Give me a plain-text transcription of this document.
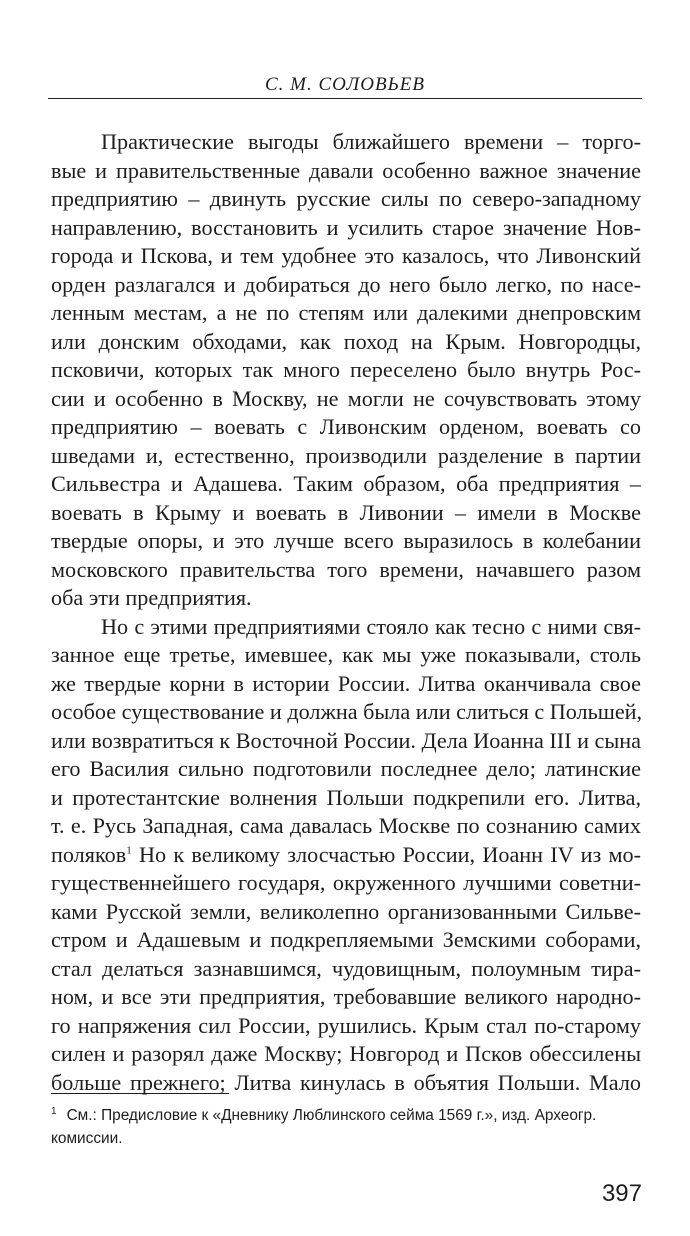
С. М. СОЛОВЬЕВ

Практические выгоды ближайшего времени – торго-
вые и правительственные давали особенно важное значение
предприятию – двинуть русские силы по северо-западному
направлению, восстановить и усилить старое значение Нов-
города и Пскова, и тем удобнее это казалось, что Ливонский
орден разлагался и добираться до него было легко, по насе-
ленным местам, а не по степям или далекими днепровским
или донским обходами, как поход на Крым. Новгородцы,
псковичи, которых так много переселено было внутрь Рос-
сии и особенно в Москву, не могли не сочувствовать этому
предприятию – воевать с Ливонским орденом, воевать со
шведами и, естественно, производили разделение в партии
Сильвестра и Адашева. Таким образом, оба предприятия –
воевать в Крыму и воевать в Ливонии – имели в Москве
твердые опоры, и это лучше всего выразилось в колебании
московского правительства того времени, начавшего разом
оба эти предприятия.

Но с этими предприятиями стояло как тесно с ними свя-
занное еще третье, имевшее, как мы уже показывали, столь
же твердые корни в истории России. Литва оканчивала свое
особое существование и должна была или слиться с Польшей,
или возвратиться к Восточной России. Дела Иоанна III и сына
его Василия сильно подготовили последнее дело; латинские
и протестантские волнения Польши подкрепили его. Литва,
т. е. Русь Западная, сама давалась Москве по сознанию самих
поляков$^1$ Но к великому злосчастью России, Иоанн IV из мо-
гущественнейшего государя, окруженного лучшими советни-
ками Русской земли, великолепно организованными Сильве-
стром и Адашевым и подкрепляемыми Земскими соборами,
стал делаться зазнавшимся, чудовищным, полоумным тира-
ном, и все эти предприятия, требовавшие великого народно-
го напряжения сил России, рушились. Крым стал по-старому
силен и разорял даже Москву; Новгород и Псков обессилены
больше прежнего; Литва кинулась в объятия Польши. Мало

$^1$ См.: Предисловие к «Дневнику Люблинского сейма 1569 г.», изд. Археогр.
комиссии.
397
